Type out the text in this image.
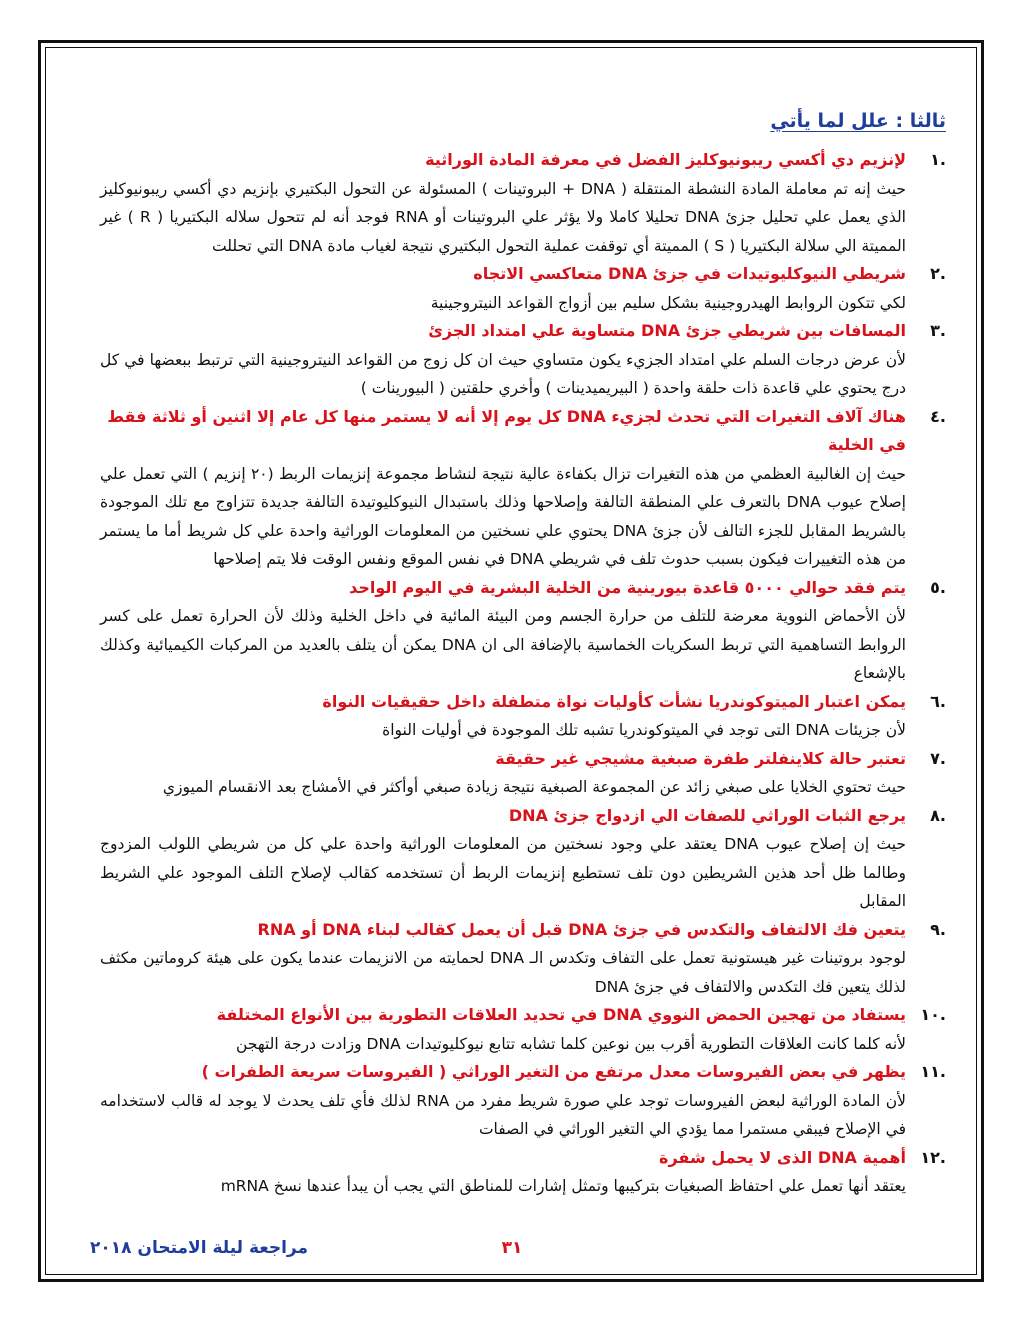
ثالثا : علل لما يأتي
.١
لإنزيم دي أكسي ريبونيوكليز الفضل في معرفة المادة الوراثية
حيث إنه تم معاملة المادة النشطة المنتقلة ( DNA + البروتينات ) المسئولة عن التحول البكتيري بإنزيم دي أكسي ريبونيوكليز الذي يعمل علي تحليل جزئ DNA تحليلا كاملا ولا يؤثر علي البروتينات أو RNA فوجد أنه لم تتحول سلاله البكتيريا ( R ) غير المميتة الي سلالة البكتيريا ( S ) المميتة أي توقفت عملية التحول البكتيري نتيجة لغياب مادة DNA التي تحللت
.٢
شريطي النيوكليوتيدات في جزئ DNA متعاكسي الاتجاه
لكي تتكون الروابط الهيدروجينية بشكل سليم بين أزواج القواعد النيتروجينية
.٣
المسافات بين شريطي جزئ DNA متساوية علي امتداد الجزئ
لأن عرض درجات السلم علي امتداد الجزيء يكون متساوي حيث ان كل زوج من القواعد النيتروجينية التي ترتبط ببعضها في كل درج يحتوي علي قاعدة ذات حلقة واحدة ( البيريميدينات ) وأخري حلقتين ( البيورينات )
.٤
هناك آلاف التغيرات التي تحدث لجزيء DNA كل يوم إلا أنه لا يستمر منها كل عام إلا اثنين أو ثلاثة فقط في الخلية
حيث إن الغالبية العظمي من هذه التغيرات تزال بكفاءة عالية نتيجة لنشاط مجموعة إنزيمات الربط (٢٠ إنزيم ) التي تعمل علي إصلاح عيوب DNA بالتعرف علي المنطقة التالفة وإصلاحها وذلك باستبدال النيوكليوتيدة التالفة جديدة تتزاوج مع تلك الموجودة بالشريط المقابل للجزء التالف لأن جزئ DNA يحتوي علي نسختين من المعلومات الوراثية واحدة علي كل شريط أما ما يستمر من هذه التغييرات فيكون بسبب حدوث تلف في شريطي DNA في نفس الموقع ونفس الوقت فلا يتم إصلاحها
.٥
يتم فقد حوالي ٥٠٠٠ قاعدة بيورينية من الخلية البشرية في اليوم الواحد
لأن الأحماض النووية معرضة للتلف من حرارة الجسم ومن البيئة المائية في داخل الخلية وذلك لأن الحرارة تعمل على كسر الروابط التساهمية التي تربط السكريات الخماسية بالإضافة الى ان DNA يمكن أن يتلف بالعديد من المركبات الكيميائية وكذلك بالإشعاع
.٦
يمكن اعتبار الميتوكوندريا نشأت كأوليات نواة متطفلة داخل حقيقيات النواة
لأن جزيئات DNA التى توجد في الميتوكوندريا تشبه تلك الموجودة في أوليات النواة
.٧
تعتبر حالة كلاينفلتر طفرة صبغية مشيجي غير حقيقة
حيث تحتوي الخلايا على صبغي زائد عن المجموعة الصبغية نتيجة زيادة صبغي أوأكثر في الأمشاج بعد الانقسام الميوزي
.٨
يرجع الثبات الوراثي للصفات الي ازدواج جزئ DNA
حيث إن إصلاح عيوب DNA يعتقد علي وجود نسختين من المعلومات الوراثية واحدة علي كل من شريطي اللولب المزدوج وطالما ظل أحد هذين الشريطين دون تلف تستطيع إنزيمات الربط أن تستخدمه كقالب لإصلاح التلف الموجود علي الشريط المقابل
.٩
يتعين فك الالتفاف والتكدس في جزئ DNA قبل أن يعمل كقالب لبناء DNA أو RNA
لوجود بروتينات غير هيستونية تعمل على التفاف وتكدس الـ DNA لحمايته من الانزيمات عندما يكون على هيئة كروماتين مكثف لذلك يتعين فك التكدس والالتفاف في جزئ DNA
.١٠
يستفاد من تهجين الحمض النووي DNA في تحديد العلاقات التطورية بين الأنواع المختلفة
لأنه كلما كانت العلاقات التطورية أقرب بين نوعين كلما تشابه تتابع نيوكليوتيدات DNA وزادت درجة التهجن
.١١
يظهر في بعض الفيروسات معدل مرتفع من التغير الوراثي ( الفيروسات سريعة الطفرات )
لأن المادة الوراثية لبعض الفيروسات توجد علي صورة شريط مفرد من RNA لذلك فأي تلف يحدث لا يوجد له قالب لاستخدامه في الإصلاح فيبقي مستمرا مما يؤدي الي التغير الوراثي في الصفات
.١٢
أهمية DNA الذى لا يحمل شفرة
يعتقد أنها تعمل علي احتفاظ الصبغيات بتركيبها وتمثل إشارات للمناطق التي يجب أن يبدأ عندها نسخ mRNA
٣١
مراجعة ليلة الامتحان ٢٠١٨
